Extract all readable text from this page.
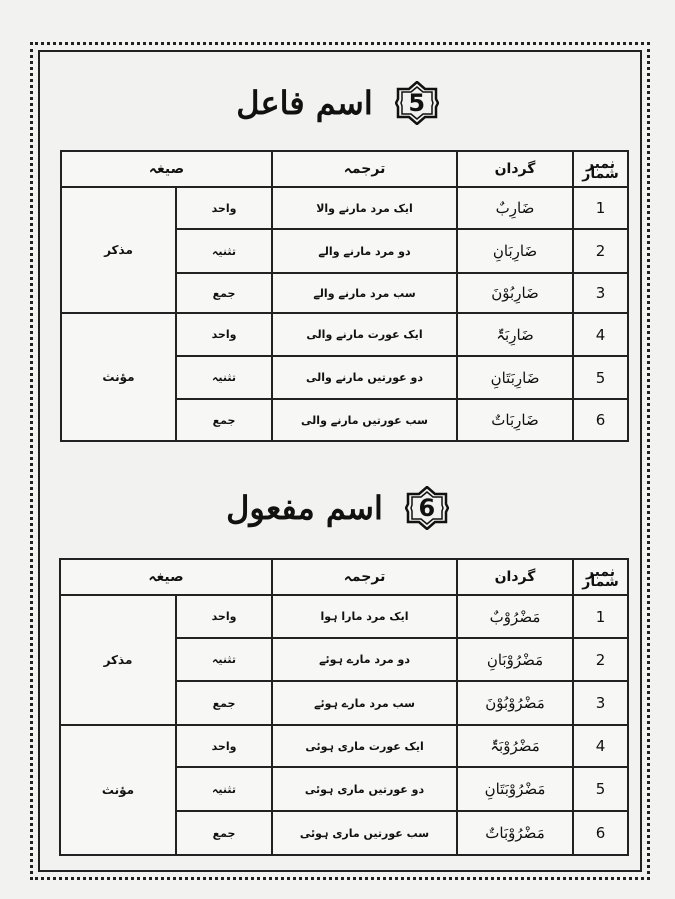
اسم فاعل 5
نمبر شمار	گردان	ترجمہ	صیغہ	
1	ضَارِبٌ	ایک مرد مارنے والا	واحد	مذکر
2	ضَارِبَانِ	دو مرد مارنے والے	تثنیہ	
3	ضَارِبُوْنَ	سب مرد مارنے والے	جمع	
4	ضَارِبَۃٌ	ایک عورت مارنے والی	واحد	مؤنث
5	ضَارِبَتَانِ	دو عورتیں مارنے والی	تثنیہ	
6	ضَارِبَاتٌ	سب عورتیں مارنے والی	جمع	
اسم مفعول 6
نمبر شمار	گردان	ترجمہ	صیغہ	
1	مَضْرُوْبٌ	ایک مرد مارا ہوا	واحد	مذکر
2	مَضْرُوْبَانِ	دو مرد مارے ہوئے	تثنیہ	
3	مَضْرُوْبُوْنَ	سب مرد مارے ہوئے	جمع	
4	مَضْرُوْبَۃٌ	ایک عورت ماری ہوئی	واحد	مؤنث
5	مَضْرُوْبَتَانِ	دو عورتیں ماری ہوئی	تثنیہ	
6	مَضْرُوْبَاتٌ	سب عورتیں ماری ہوئی	جمع	
